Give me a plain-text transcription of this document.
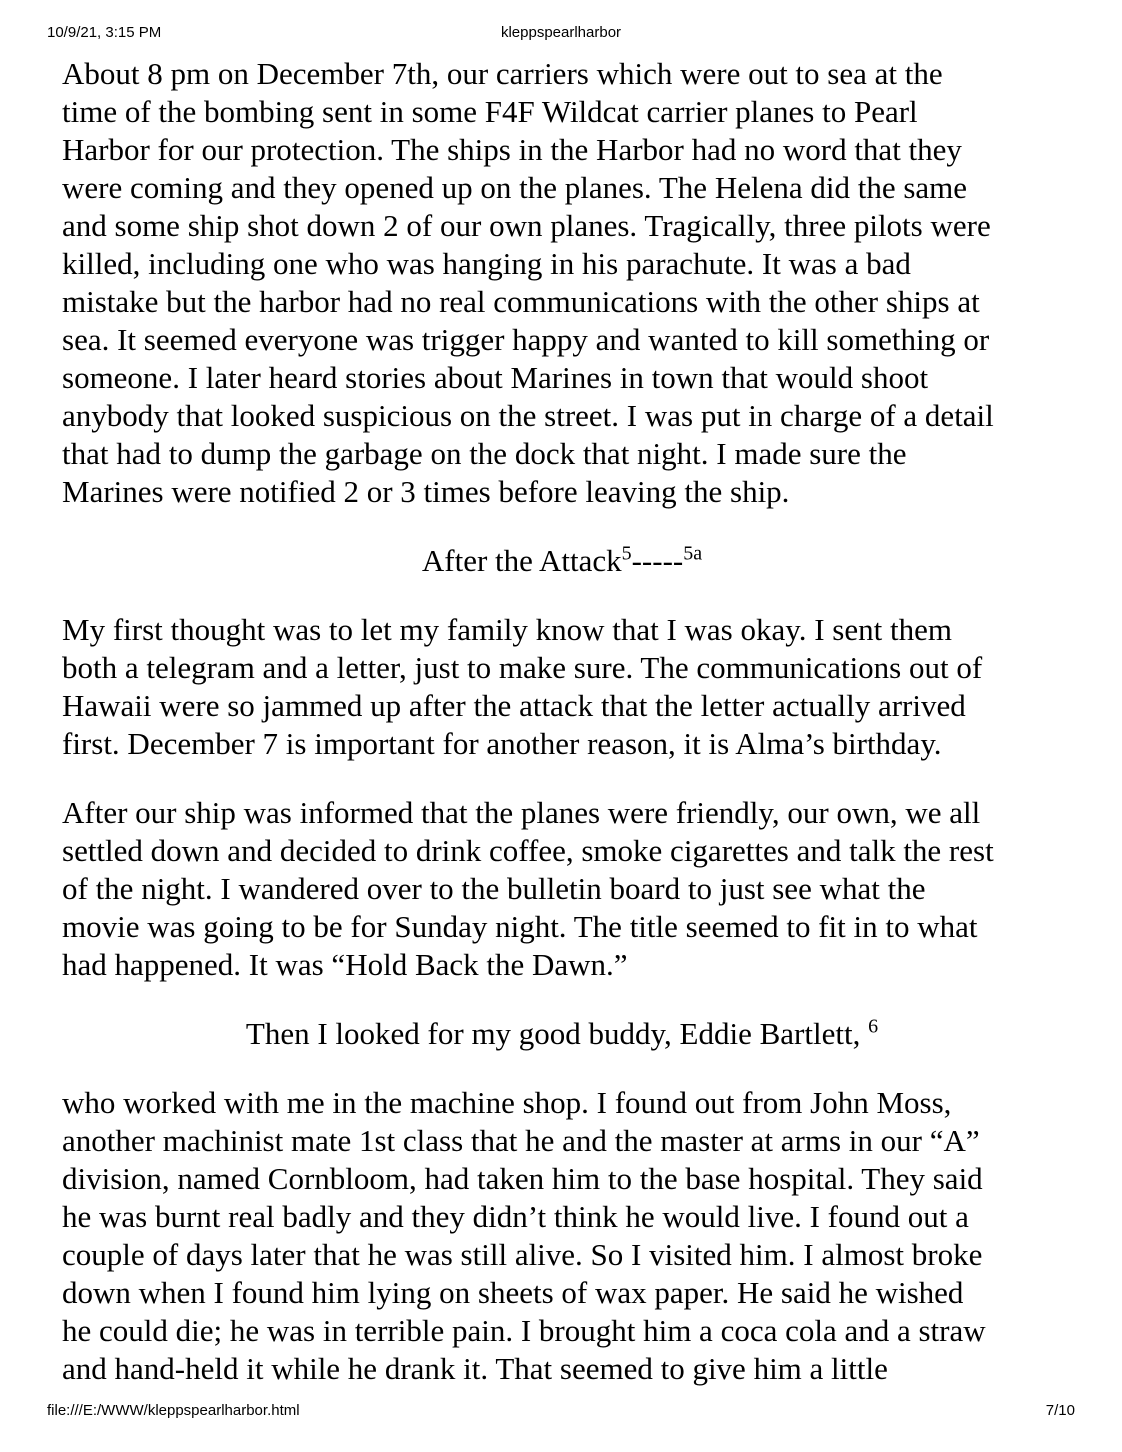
10/9/21, 3:15 PM	kleppspearlharbor
About 8 pm on December 7th, our carriers which were out to sea at the
time of the bombing sent in some F4F Wildcat carrier planes to Pearl
Harbor for our protection. The ships in the Harbor had no word that they
were coming and they opened up on the planes. The Helena did the same
and some ship shot down 2 of our own planes. Tragically, three pilots were
killed, including one who was hanging in his parachute. It was a bad
mistake but the harbor had no real communications with the other ships at
sea. It seemed everyone was trigger happy and wanted to kill something or
someone. I later heard stories about Marines in town that would shoot
anybody that looked suspicious on the street. I was put in charge of a detail
that had to dump the garbage on the dock that night. I made sure the
Marines were notified 2 or 3 times before leaving the ship.
After the Attack$^5$-----$^{5a}$
My first thought was to let my family know that I was okay. I sent them
both a telegram and a letter, just to make sure. The communications out of
Hawaii were so jammed up after the attack that the letter actually arrived
first. December 7 is important for another reason, it is Alma’s birthday.
After our ship was informed that the planes were friendly, our own, we all
settled down and decided to drink coffee, smoke cigarettes and talk the rest
of the night. I wandered over to the bulletin board to just see what the
movie was going to be for Sunday night. The title seemed to fit in to what
had happened. It was “Hold Back the Dawn.”
Then I looked for my good buddy, Eddie Bartlett, $^6$
who worked with me in the machine shop. I found out from John Moss,
another machinist mate 1st class that he and the master at arms in our “A”
division, named Cornbloom, had taken him to the base hospital. They said
he was burnt real badly and they didn’t think he would live. I found out a
couple of days later that he was still alive. So I visited him. I almost broke
down when I found him lying on sheets of wax paper. He said he wished
he could die; he was in terrible pain. I brought him a coca cola and a straw
and hand-held it while he drank it. That seemed to give him a little
file:///E:/WWW/kleppspearlharbor.html	7/10
